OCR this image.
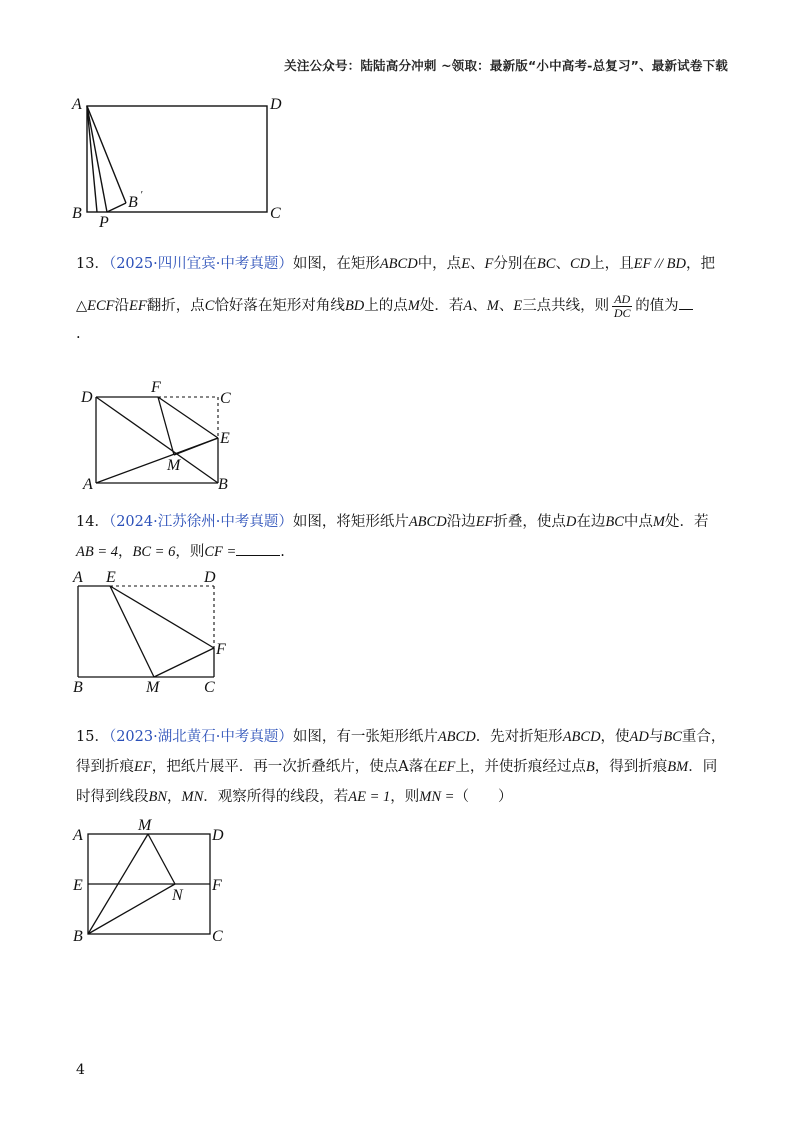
关注公众号：陆陆高分冲刺 ~领取：最新版“小中高考-总复习”、最新试卷下载
A	D
B	C
P
B ′
13．（2025·四川宜宾·中考真题）如图，在矩形ABCD中，点E、F分别在BC、CD上，且EF // BD，把
△ECF沿EF翻折，点C恰好落在矩形对角线BD上的点M处．若A、M、E三点共线，则 $\frac{AD}{DC}$ 的值为
.
D
F
C
E
M
A	B
14．（2024·江苏徐州·中考真题）如图，将矩形纸片ABCD沿边EF折叠，使点D在边BC中点M处．若
AB = 4，BC = 6，则CF =	.
A E	D
F
B	M	C
15．（2023·湖北黄石·中考真题）如图，有一张矩形纸片ABCD．先对折矩形ABCD，使AD与BC重合，
得到折痕EF，把纸片展平．再一次折叠纸片，使点A落在EF上，并使折痕经过点B，得到折痕BM．同
时得到线段BN，MN．观察所得的线段，若AE = 1，则MN =（　　）
A
M
D
E
N
F
B	C
4
